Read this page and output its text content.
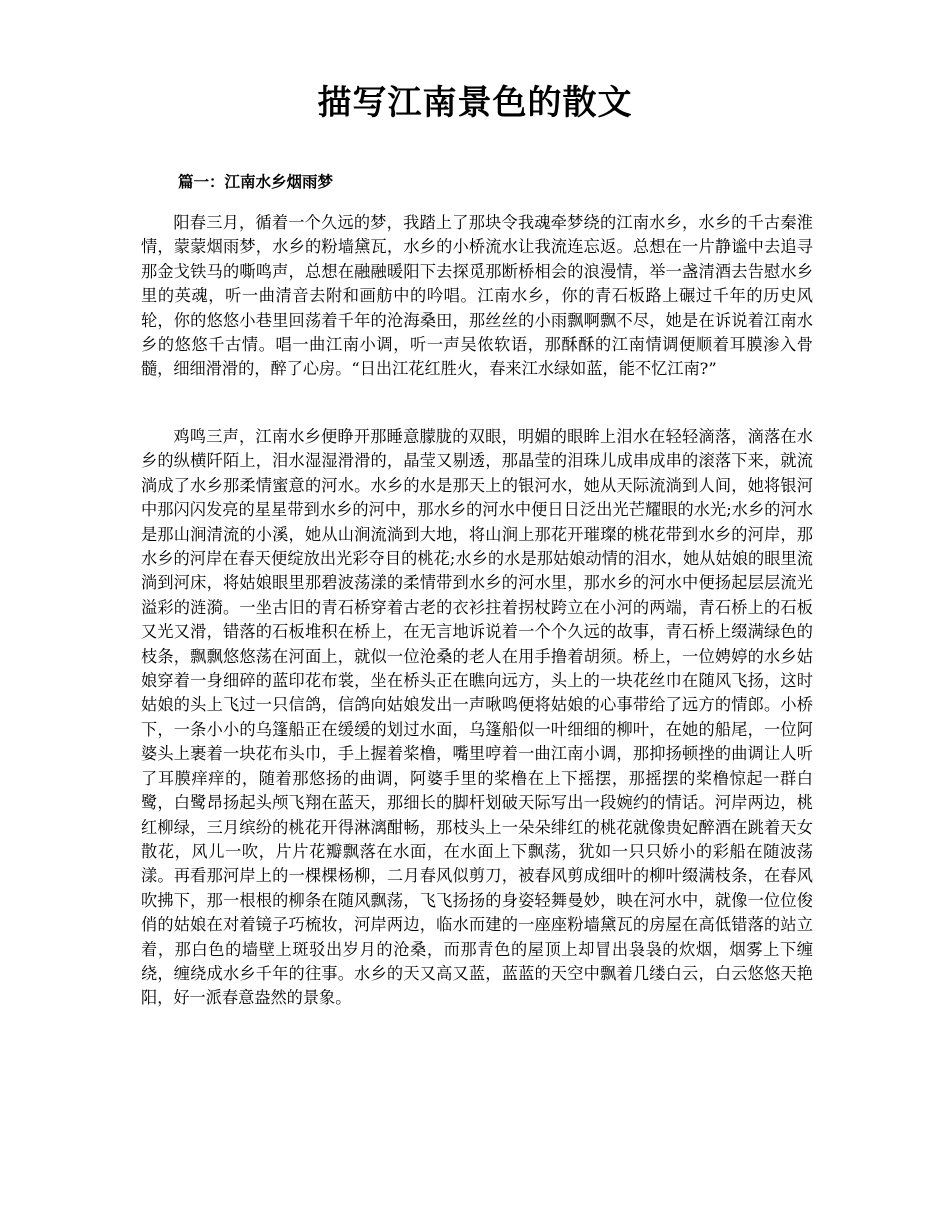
描写江南景色的散文
篇一：江南水乡烟雨梦

阳春三月，循着一个久远的梦，我踏上了那块令我魂牵梦绕的江南水乡，水乡的千古秦淮情，蒙蒙烟雨梦，水乡的粉墙黛瓦，水乡的小桥流水让我流连忘返。总想在一片静谧中去追寻那金戈铁马的嘶鸣声，总想在融融暖阳下去探觅那断桥相会的浪漫情，举一盏清酒去告慰水乡里的英魂，听一曲清音去附和画舫中的吟唱。江南水乡，你的青石板路上碾过千年的历史风轮，你的悠悠小巷里回荡着千年的沧海桑田，那丝丝的小雨飘啊飘不尽，她是在诉说着江南水乡的悠悠千古情。唱一曲江南小调，听一声吴侬软语，那酥酥的江南情调便顺着耳膜渗入骨髓，细细滑滑的，醉了心房。“日出江花红胜火，春来江水绿如蓝，能不忆江南?”

鸡鸣三声，江南水乡便睁开那睡意朦胧的双眼，明媚的眼眸上泪水在轻轻滴落，滴落在水乡的纵横阡陌上，泪水湿湿滑滑的，晶莹又剔透，那晶莹的泪珠儿成串成串的滚落下来，就流淌成了水乡那柔情蜜意的河水。水乡的水是那天上的银河水，她从天际流淌到人间，她将银河中那闪闪发亮的星星带到水乡的河中，那水乡的河水中便日日泛出光芒耀眼的水光;水乡的河水是那山涧清流的小溪，她从山涧流淌到大地，将山涧上那花开璀璨的桃花带到水乡的河岸，那水乡的河岸在春天便绽放出光彩夺目的桃花;水乡的水是那姑娘动情的泪水，她从姑娘的眼里流淌到河床，将姑娘眼里那碧波荡漾的柔情带到水乡的河水里，那水乡的河水中便扬起层层流光溢彩的涟漪。一坐古旧的青石桥穿着古老的衣衫拄着拐杖跨立在小河的两端，青石桥上的石板又光又滑，错落的石板堆积在桥上，在无言地诉说着一个个久远的故事，青石桥上缀满绿色的枝条，飘飘悠悠荡在河面上，就似一位沧桑的老人在用手撸着胡须。桥上，一位娉婷的水乡姑娘穿着一身细碎的蓝印花布裳，坐在桥头正在瞧向远方，头上的一块花丝巾在随风飞扬，这时姑娘的头上飞过一只信鸽，信鸽向姑娘发出一声啾鸣便将姑娘的心事带给了远方的情郎。小桥下，一条小小的乌篷船正在缓缓的划过水面，乌篷船似一叶细细的柳叶，在她的船尾，一位阿婆头上裹着一块花布头巾，手上握着桨橹，嘴里哼着一曲江南小调，那抑扬顿挫的曲调让人听了耳膜痒痒的，随着那悠扬的曲调，阿婆手里的桨橹在上下摇摆，那摇摆的桨橹惊起一群白鹭，白鹭昂扬起头颅飞翔在蓝天，那细长的脚杆划破天际写出一段婉约的情话。河岸两边，桃红柳绿，三月缤纷的桃花开得淋漓酣畅，那枝头上一朵朵绯红的桃花就像贵妃醉酒在跳着天女散花，风儿一吹，片片花瓣飘落在水面，在水面上下飘荡，犹如一只只娇小的彩船在随波荡漾。再看那河岸上的一棵棵杨柳，二月春风似剪刀，被春风剪成细叶的柳叶缀满枝条，在春风吹拂下，那一根根的柳条在随风飘荡，飞飞扬扬的身姿轻舞曼妙，映在河水中，就像一位位俊俏的姑娘在对着镜子巧梳妆，河岸两边，临水而建的一座座粉墙黛瓦的房屋在高低错落的站立着，那白色的墙壁上斑驳出岁月的沧桑，而那青色的屋顶上却冒出袅袅的炊烟，烟雾上下缠绕，缠绕成水乡千年的往事。水乡的天又高又蓝，蓝蓝的天空中飘着几缕白云，白云悠悠天艳阳，好一派春意盎然的景象。
